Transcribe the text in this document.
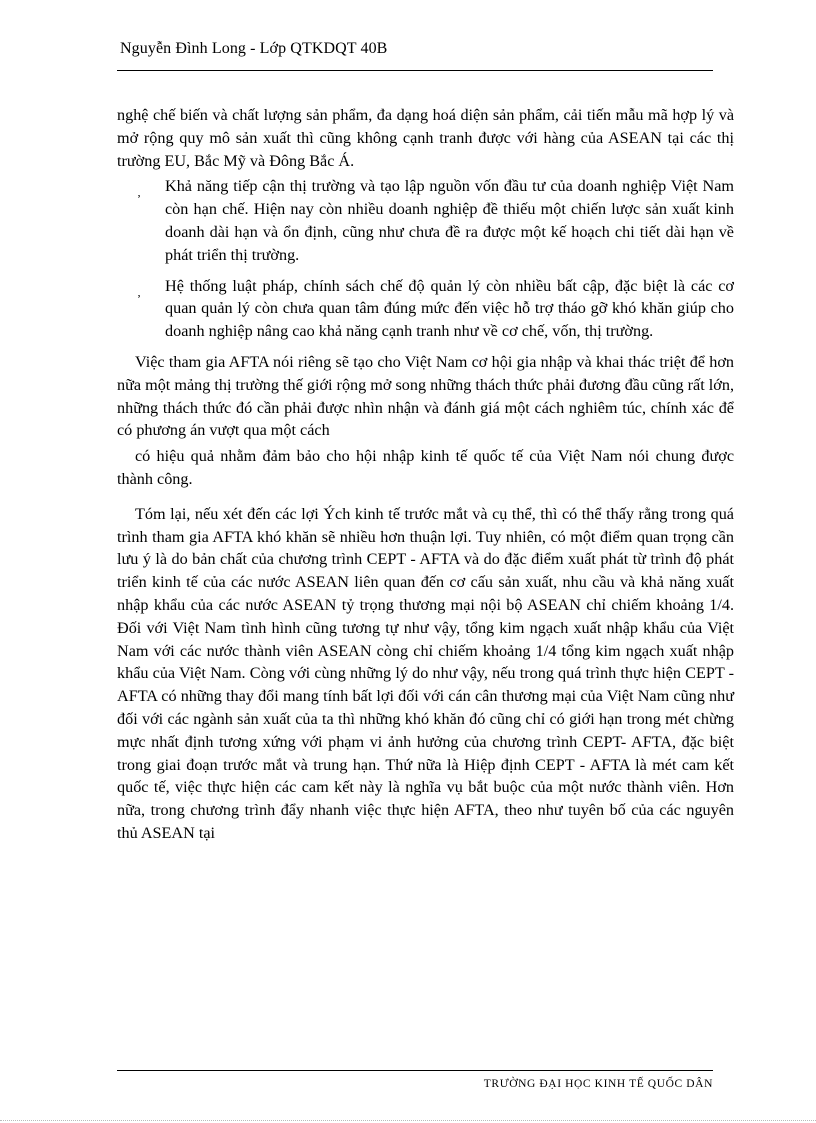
Nguyễn Đình Long - Lớp QTKDQT 40B

nghệ chế biến và chất lượng sản phẩm, đa dạng hoá diện sản phẩm, cải tiến mẫu mã hợp lý và mở rộng quy mô sản xuất thì cũng không cạnh tranh được với hàng của ASEAN tại các thị trường EU, Bắc Mỹ và Đông Bắc Á.

‚ Khả năng tiếp cận thị trường và tạo lập nguồn vốn đầu tư của doanh nghiệp Việt Nam còn hạn chế. Hiện nay còn nhiều doanh nghiệp đề thiếu một chiến lược sản xuất kinh doanh dài hạn và ổn định, cũng như chưa đề ra được một kế hoạch chi tiết dài hạn về phát triển thị trường.
‚ Hệ thống luật pháp, chính sách chế độ quản lý còn nhiều bất cập, đặc biệt là các cơ quan quản lý còn chưa quan tâm đúng mức đến việc hỗ trợ tháo gỡ khó khăn giúp cho doanh nghiệp nâng cao khả năng cạnh tranh như về cơ chế, vốn, thị trường.

Việc tham gia AFTA nói riêng sẽ tạo cho Việt Nam cơ hội gia nhập và khai thác triệt để hơn nữa một mảng thị trường thế giới rộng mở song những thách thức phải đương đầu cũng rất lớn, những thách thức đó cần phải được nhìn nhận và đánh giá một cách nghiêm túc, chính xác để có phương án vượt qua một cách

có hiệu quả nhằm đảm bảo cho hội nhập kinh tế quốc tế của Việt Nam nói chung được thành công.

Tóm lại, nếu xét đến các lợi Ých kinh tế trước mắt và cụ thể, thì có thể thấy rằng trong quá trình tham gia AFTA khó khăn sẽ nhiều hơn thuận lợi. Tuy nhiên, có một điểm quan trọng cần lưu ý là do bản chất của chương trình CEPT - AFTA và do đặc điểm xuất phát từ trình độ phát triển kinh tế của các nước ASEAN liên quan đến cơ cấu sản xuất, nhu cầu và khả năng xuất nhập khẩu của các nước ASEAN tỷ trọng thương mại nội bộ ASEAN chỉ chiếm khoảng 1/4. Đối với Việt Nam tình hình cũng tương tự như vậy, tổng kim ngạch xuất nhập khẩu của Việt Nam với các nước thành viên ASEAN còng chỉ chiếm khoảng 1/4 tổng kim ngạch xuất nhập khẩu của Việt Nam. Còng với cùng những lý do như vậy, nếu trong quá trình thực hiện CEPT - AFTA có những thay đổi mang tính bất lợi đối với cán cân thương mại của Việt Nam cũng như đối với các ngành sản xuất của ta thì những khó khăn đó cũng chỉ có giới hạn trong mét chừng mực nhất định tương xứng với phạm vi ảnh hưởng của chương trình CEPT- AFTA, đặc biệt trong giai đoạn trước mắt và trung hạn. Thứ nữa là Hiệp định CEPT - AFTA là mét cam kết quốc tế, việc thực hiện các cam kết này là nghĩa vụ bắt buộc của một nước thành viên. Hơn nữa, trong chương trình đẩy nhanh việc thực hiện AFTA, theo như tuyên bố của các nguyên thủ ASEAN tại

TRƯỜNG ĐẠI HỌC KINH TẾ QUỐC DÂN
